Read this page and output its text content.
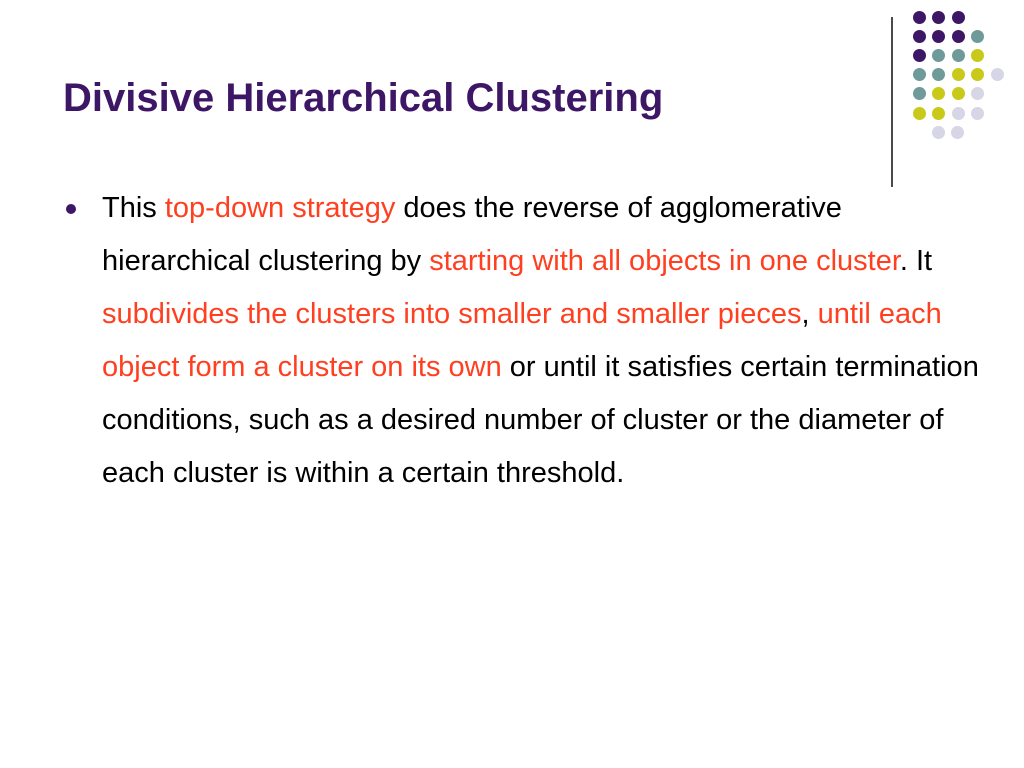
Divisive Hierarchical Clustering
This top-down strategy does the reverse of agglomerative hierarchical clustering by starting with all objects in one cluster. It subdivides the clusters into smaller and smaller pieces, until each object form a cluster on its own or until it satisfies certain termination conditions, such as a desired number of cluster or the diameter of each cluster is within a certain threshold.
